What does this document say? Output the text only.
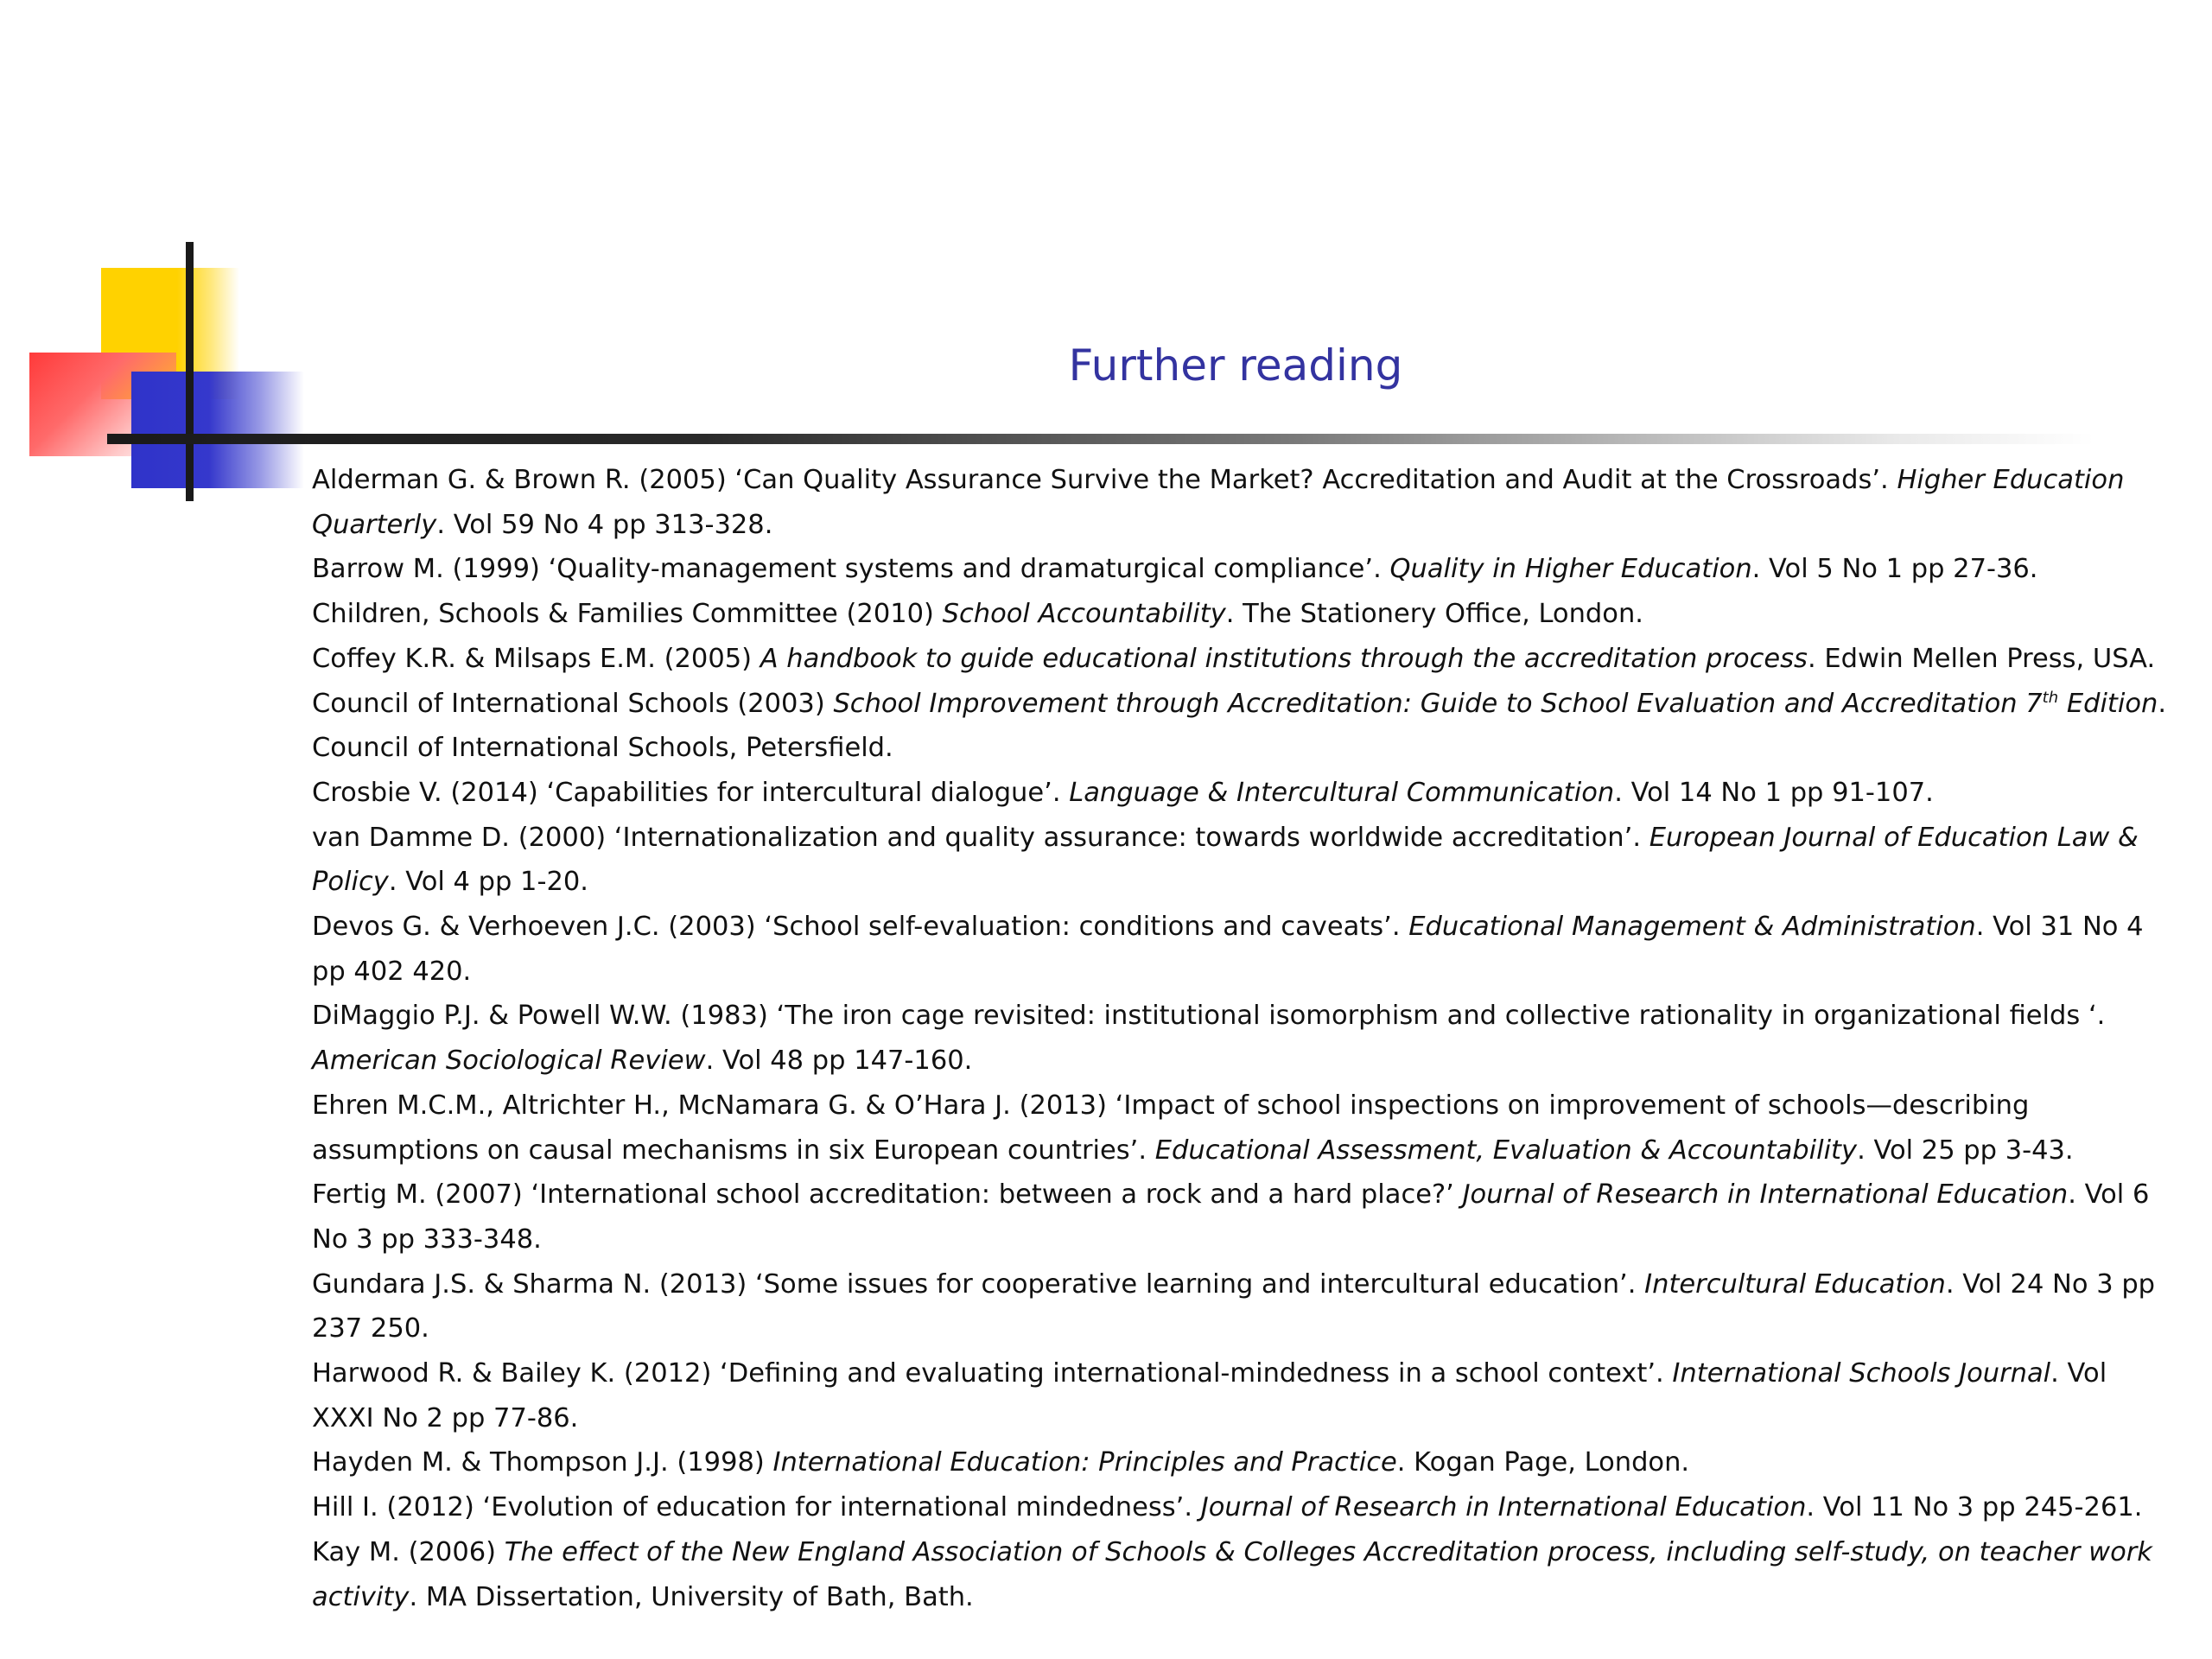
Further reading

Alderman G. & Brown R. (2005) ‘Can Quality Assurance Survive the Market? Accreditation and Audit at the Crossroads’. Higher Education Quarterly. Vol 59 No 4 pp 313-328.

Barrow M. (1999) ‘Quality-management systems and dramaturgical compliance’. Quality in Higher Education. Vol 5 No 1 pp 27-36.

Children, Schools & Families Committee (2010) School Accountability. The Stationery Office, London.

Coffey K.R. & Milsaps E.M. (2005) A handbook to guide educational institutions through the accreditation process. Edwin Mellen Press, USA.

Council of International Schools (2003) School Improvement through Accreditation: Guide to School Evaluation and Accreditation 7th Edition. Council of International Schools, Petersfield.

Crosbie V. (2014) ‘Capabilities for intercultural dialogue’. Language & Intercultural Communication. Vol 14 No 1 pp 91-107.

van Damme D. (2000) ‘Internationalization and quality assurance: towards worldwide accreditation’. European Journal of Education Law & Policy. Vol 4 pp 1-20.

Devos G. & Verhoeven J.C. (2003) ‘School self-evaluation: conditions and caveats’. Educational Management & Administration. Vol 31 No 4 pp 402 420.

DiMaggio P.J. & Powell W.W. (1983) ‘The iron cage revisited: institutional isomorphism and collective rationality in organizational fields ‘. American Sociological Review. Vol 48 pp 147-160.

Ehren M.C.M., Altrichter H., McNamara G. & O’Hara J. (2013) ‘Impact of school inspections on improvement of schools—describing assumptions on causal mechanisms in six European countries’. Educational Assessment, Evaluation & Accountability. Vol 25 pp 3-43.

Fertig M. (2007) ‘International school accreditation: between a rock and a hard place?’ Journal of Research in International Education. Vol 6 No 3 pp 333-348.

Gundara J.S. & Sharma N. (2013) ‘Some issues for cooperative learning and intercultural education’. Intercultural Education. Vol 24 No 3 pp 237 250.

Harwood R. & Bailey K. (2012) ‘Defining and evaluating international-mindedness in a school context’. International Schools Journal. Vol XXXI No 2 pp 77-86.

Hayden M. & Thompson J.J. (1998) International Education: Principles and Practice. Kogan Page, London.

Hill I. (2012) ‘Evolution of education for international mindedness’. Journal of Research in International Education. Vol 11 No 3 pp 245-261.

Kay M. (2006) The effect of the New England Association of Schools & Colleges Accreditation process, including self-study, on teacher work activity. MA Dissertation, University of Bath, Bath.
